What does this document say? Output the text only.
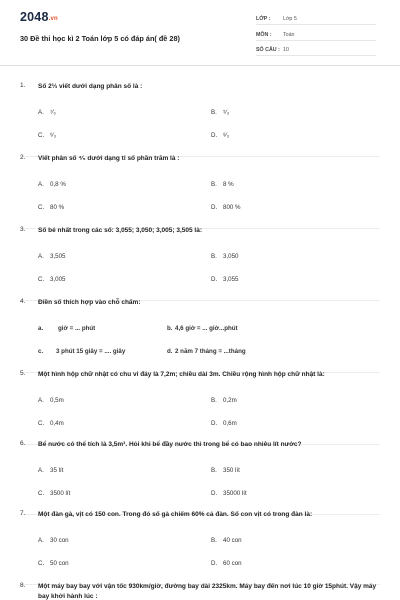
2048.vn
30 Đề thi học kì 2 Toán lớp 5 có đáp án( đề 28)
LỚP : Lớp 5
MÔN : Toán
SỐ CÂU : 10
1. Số 2⅓ viết dưới dạng phân số là :
A. ⁷⁄₃	B. ⁵⁄₃
C. ⁶⁄₃	D. ⁸⁄₃
2. Viết phân số ⁴⁄₅ dưới dạng tỉ số phần trăm là :
A. 0,8 %	B. 8 %
C. 80 %	D. 800 %
3. Số bé nhất trong các số: 3,055; 3,050; 3,005; 3,505 là:
A. 3,505	B. 3,050
C. 3,005	D. 3,055
4. Điền số thích hợp vào chỗ chấm:
a. giờ = ... phút	b. 4,6 giờ = ... giờ...phút
c. 3 phút 15 giây = .... giây	d. 2 năm 7 tháng = ...tháng
5. Một hình hộp chữ nhật có chu vi đáy là 7,2m; chiều dài 3m. Chiều rộng hình hộp chữ nhật là:
A. 0,5m	B. 0,2m
C. 0,4m	D. 0,6m
6. Bể nước có thể tích là 3,5m³. Hỏi khi bể đầy nước thì trong bể có bao nhiêu lít nước?
A. 35 lít	B. 350 lít
C. 3500 lít	D. 35000 lít
7. Một đàn gà, vịt có 150 con. Trong đó số gà chiếm 60% cả đàn. Số con vịt có trong đàn là:
A. 30 con	B. 40 con
C. 50 con	D. 60 con
8. Một máy bay bay với vận tốc 930km/giờ, đường bay dài 2325km. Máy bay đến nơi lúc 10 giờ 15phút. Vậy máy bay khởi hành lúc :
